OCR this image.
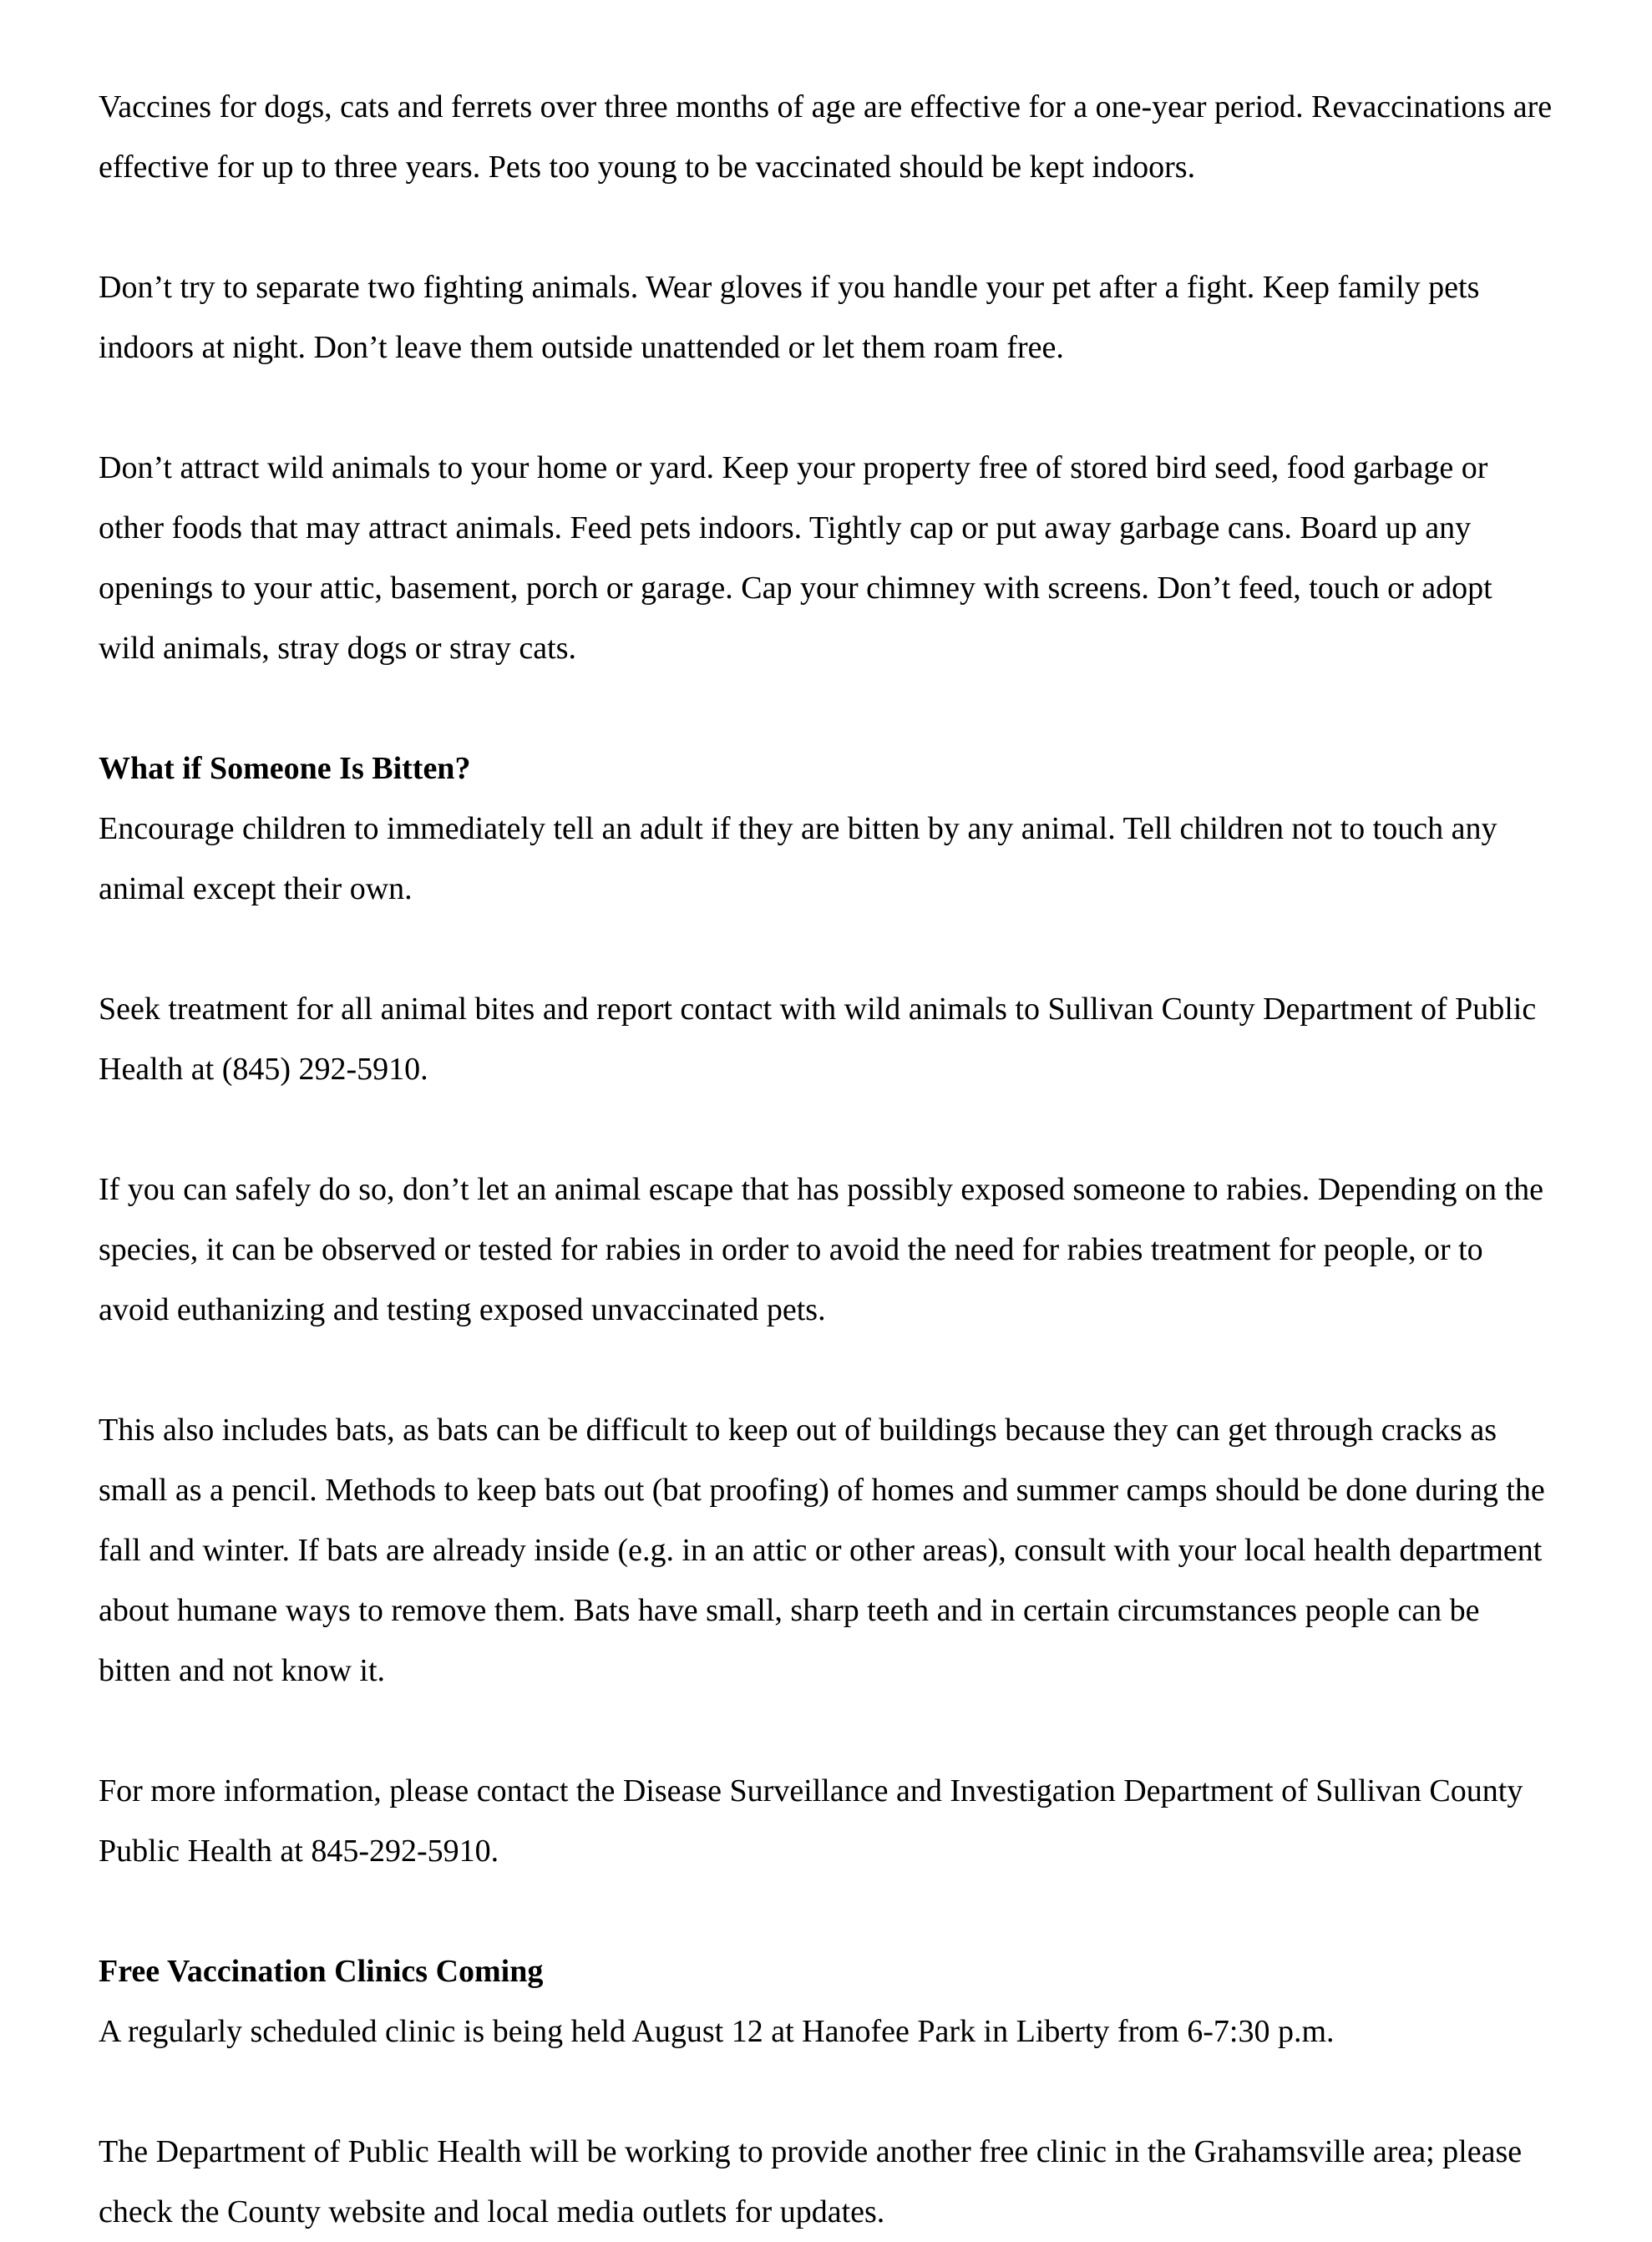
Vaccines for dogs, cats and ferrets over three months of age are effective for a one-year period. Revaccinations are effective for up to three years. Pets too young to be vaccinated should be kept indoors.

Don’t try to separate two fighting animals. Wear gloves if you handle your pet after a fight. Keep family pets indoors at night. Don’t leave them outside unattended or let them roam free.

Don’t attract wild animals to your home or yard. Keep your property free of stored bird seed, food garbage or other foods that may attract animals. Feed pets indoors. Tightly cap or put away garbage cans. Board up any openings to your attic, basement, porch or garage. Cap your chimney with screens. Don’t feed, touch or adopt wild animals, stray dogs or stray cats.

What if Someone Is Bitten?

Encourage children to immediately tell an adult if they are bitten by any animal. Tell children not to touch any animal except their own.

Seek treatment for all animal bites and report contact with wild animals to Sullivan County Department of Public Health at (845) 292-5910.

If you can safely do so, don’t let an animal escape that has possibly exposed someone to rabies. Depending on the species, it can be observed or tested for rabies in order to avoid the need for rabies treatment for people, or to avoid euthanizing and testing exposed unvaccinated pets.

This also includes bats, as bats can be difficult to keep out of buildings because they can get through cracks as small as a pencil. Methods to keep bats out (bat proofing) of homes and summer camps should be done during the fall and winter. If bats are already inside (e.g. in an attic or other areas), consult with your local health department about humane ways to remove them. Bats have small, sharp teeth and in certain circumstances people can be bitten and not know it.

For more information, please contact the Disease Surveillance and Investigation Department of Sullivan County Public Health at 845-292-5910.

Free Vaccination Clinics Coming

A regularly scheduled clinic is being held August 12 at Hanofee Park in Liberty from 6-7:30 p.m.

The Department of Public Health will be working to provide another free clinic in the Grahamsville area; please check the County website and local media outlets for updates.
